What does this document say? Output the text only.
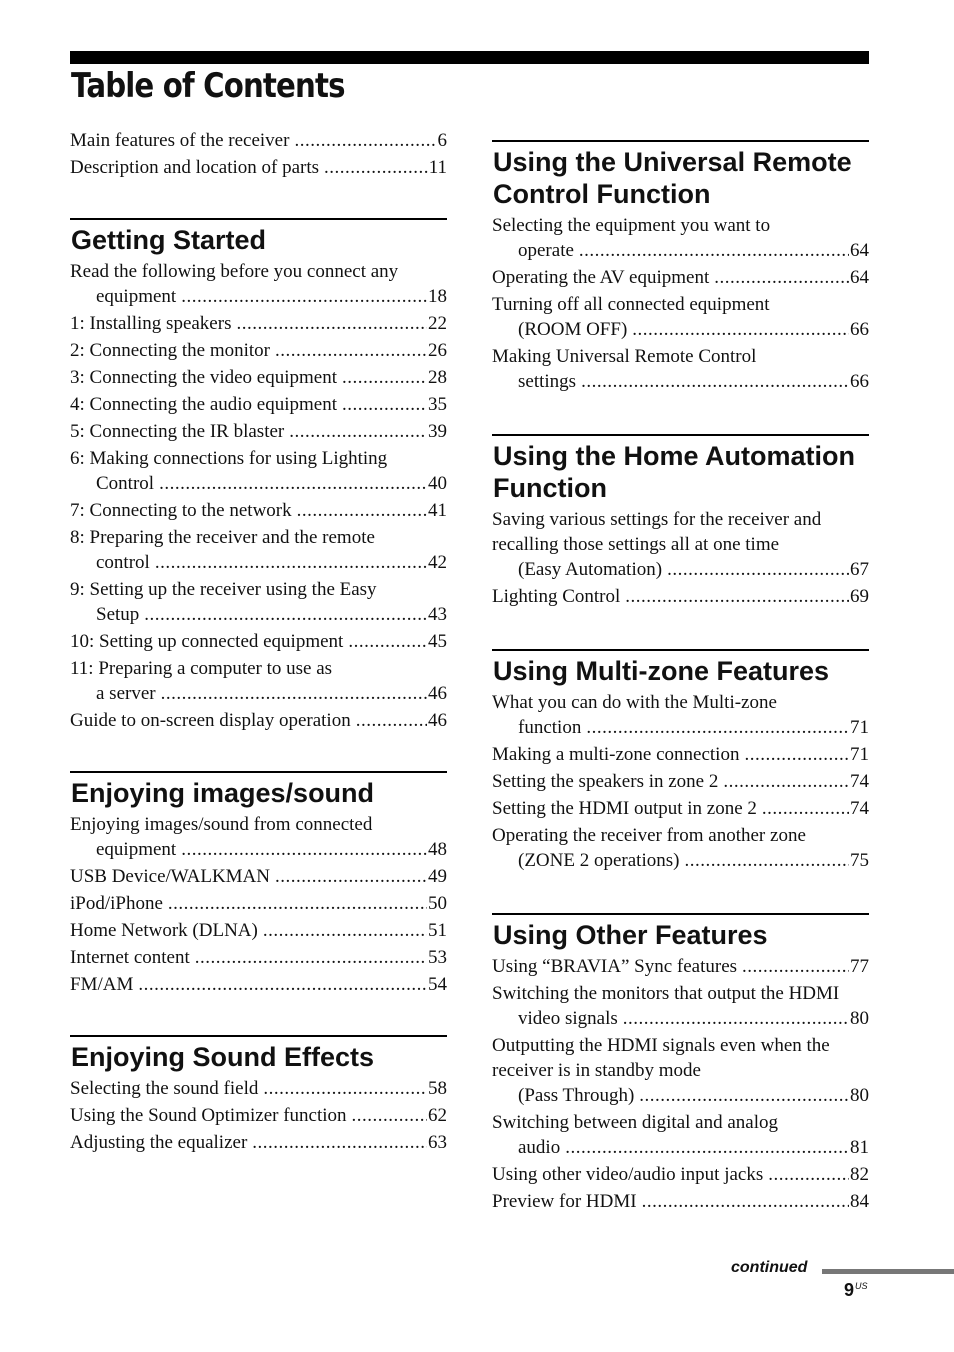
Table of Contents
Main features of the receiver .....	6
Description and location of parts .....	11
Getting Started
Read the following before you connect any
equipment .....	18
1: Installing speakers .....	22
2: Connecting the monitor .....	26
3: Connecting the video equipment .....	28
4: Connecting the audio equipment .....	35
5: Connecting the IR blaster .....	39
6: Making connections for using Lighting
Control .....	40
7: Connecting to the network .....	41
8: Preparing the receiver and the remote
control .....	42
9: Setting up the receiver using the Easy
Setup .....	43
10: Setting up connected equipment .....	45
11: Preparing a computer to use as
a server .....	46
Guide to on-screen display operation .....	46
Enjoying images/sound
Enjoying images/sound from connected
equipment .....	48
USB Device/WALKMAN .....	49
iPod/iPhone .....	50
Home Network (DLNA) .....	51
Internet content .....	53
FM/AM .....	54
Enjoying Sound Effects
Selecting the sound field .....	58
Using the Sound Optimizer function .....	62
Adjusting the equalizer .....	63
Using the Universal Remote Control Function
Selecting the equipment you want to
operate .....	64
Operating the AV equipment .....	64
Turning off all connected equipment
(ROOM OFF) .....	66
Making Universal Remote Control
settings .....	66
Using the Home Automation Function
Saving various settings for the receiver and
recalling those settings all at one time
(Easy Automation) .....	67
Lighting Control .....	69
Using Multi-zone Features
What you can do with the Multi-zone
function .....	71
Making a multi-zone connection .....	71
Setting the speakers in zone 2 .....	74
Setting the HDMI output in zone 2 .....	74
Operating the receiver from another zone
(ZONE 2 operations) .....	75
Using Other Features
Using “BRAVIA” Sync features .....	77
Switching the monitors that output the HDMI
video signals .....	80
Outputting the HDMI signals even when the
receiver is in standby mode
(Pass Through) .....	80
Switching between digital and analog
audio .....	81
Using other video/audio input jacks .....	82
Preview for HDMI .....	84
continued
$9^{US}$
